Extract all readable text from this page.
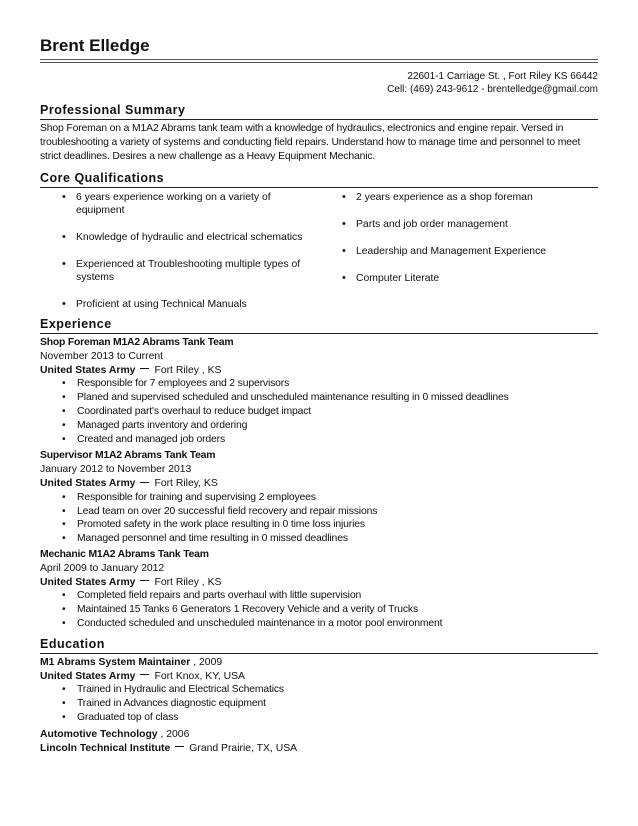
Brent Elledge
22601-1 Carriage St. , Fort Riley KS 66442
Cell: (469) 243-9612 - brentelledge@gmail.com
Professional Summary
Shop Foreman on a M1A2 Abrams tank team with a knowledge of hydraulics, electronics and engine repair. Versed in troubleshooting a variety of systems and conducting field repairs. Understand how to manage time and personnel to meet strict deadlines. Desires a new challenge as a Heavy Equipment Mechanic.
Core Qualifications
• 6 years experience working on a variety of equipment
• Knowledge of hydraulic and electrical schematics
• Experienced at Troubleshooting multiple types of systems
• Proficient at using Technical Manuals
• 2 years experience as a shop foreman
• Parts and job order management
• Leadership and Management Experience
• Computer Literate
Experience
Shop Foreman M1A2 Abrams Tank Team
November 2013 to Current
United States Army Fort Riley , KS
• Responsible for 7 employees and 2 supervisors
• Planed and supervised scheduled and unscheduled maintenance resulting in 0 missed deadlines
• Coordinated part's overhaul to reduce budget impact
• Managed parts inventory and ordering
• Created and managed job orders
Supervisor M1A2 Abrams Tank Team
January 2012 to November 2013
United States Army Fort Riley, KS
• Responsible for training and supervising 2 employees
• Lead team on over 20 successful field recovery and repair missions
• Promoted safety in the work place resulting in 0 time loss injuries
• Managed personnel and time resulting in 0 missed deadlines
Mechanic M1A2 Abrams Tank Team
April 2009 to January 2012
United States Army Fort Riley , KS
• Completed field repairs and parts overhaul with little supervision
• Maintained 15 Tanks 6 Generators 1 Recovery Vehicle and a verity of Trucks
• Conducted scheduled and unscheduled maintenance in a motor pool environment
Education
M1 Abrams System Maintainer , 2009
United States Army Fort Knox, KY, USA
• Trained in Hydraulic and Electrical Schematics
• Trained in Advances diagnostic equipment
• Graduated top of class
Automotive Technology , 2006
Lincoln Technical Institute Grand Prairie, TX, USA
